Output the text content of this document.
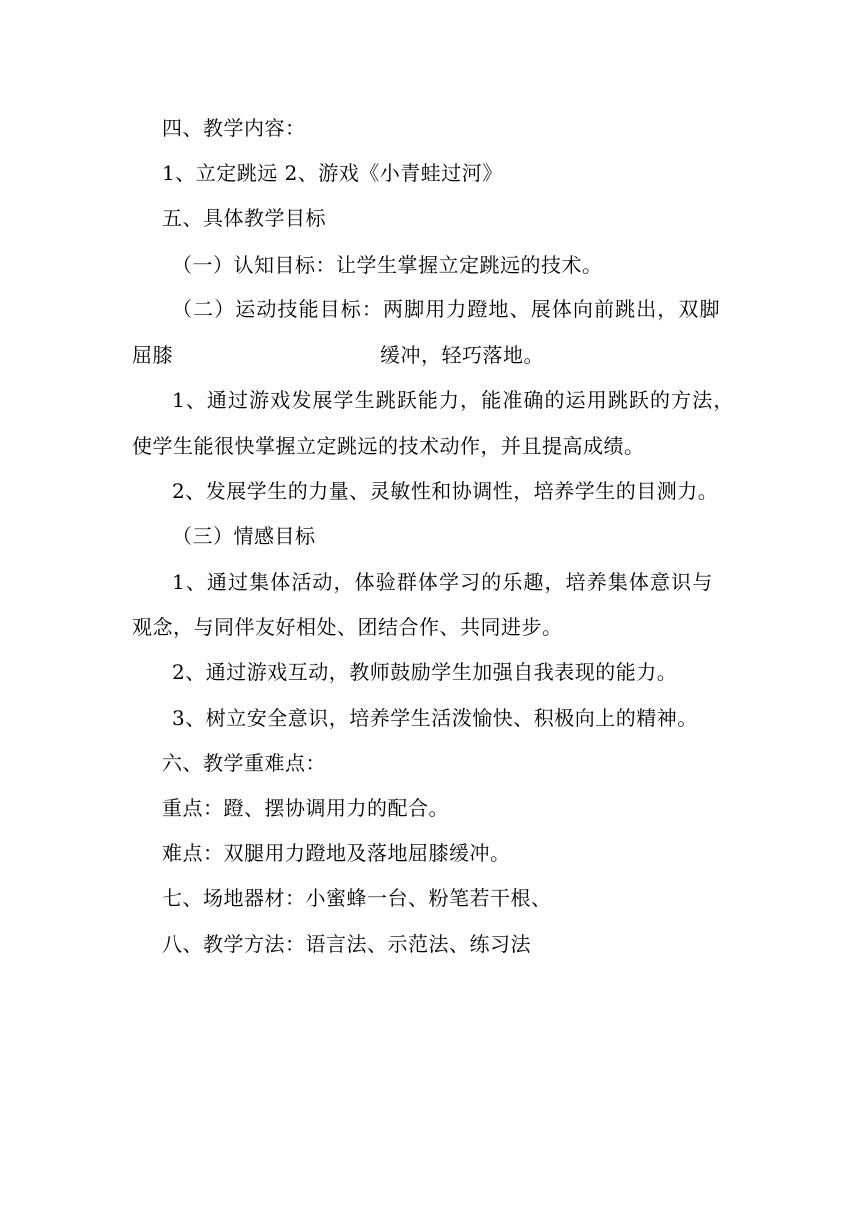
四、教学内容：
1、立定跳远 2、游戏《小青蛙过河》
五、具体教学目标
（一）认知目标：让学生掌握立定跳远的技术。
（二）运动技能目标：两脚用力蹬地、展体向前跳出，双脚
屈膝	缓冲，轻巧落地。
1、通过游戏发展学生跳跃能力，能准确的运用跳跃的方法，
使学生能很快掌握立定跳远的技术动作，并且提高成绩。
2、发展学生的力量、灵敏性和协调性，培养学生的目测力。
（三）情感目标
1、通过集体活动，体验群体学习的乐趣，培养集体意识与
观念，与同伴友好相处、团结合作、共同进步。
2、通过游戏互动，教师鼓励学生加强自我表现的能力。
3、树立安全意识，培养学生活泼愉快、积极向上的精神。
六、教学重难点：
重点：蹬、摆协调用力的配合。
难点：双腿用力蹬地及落地屈膝缓冲。
七、场地器材：小蜜蜂一台、粉笔若干根、
八、教学方法：语言法、示范法、练习法
